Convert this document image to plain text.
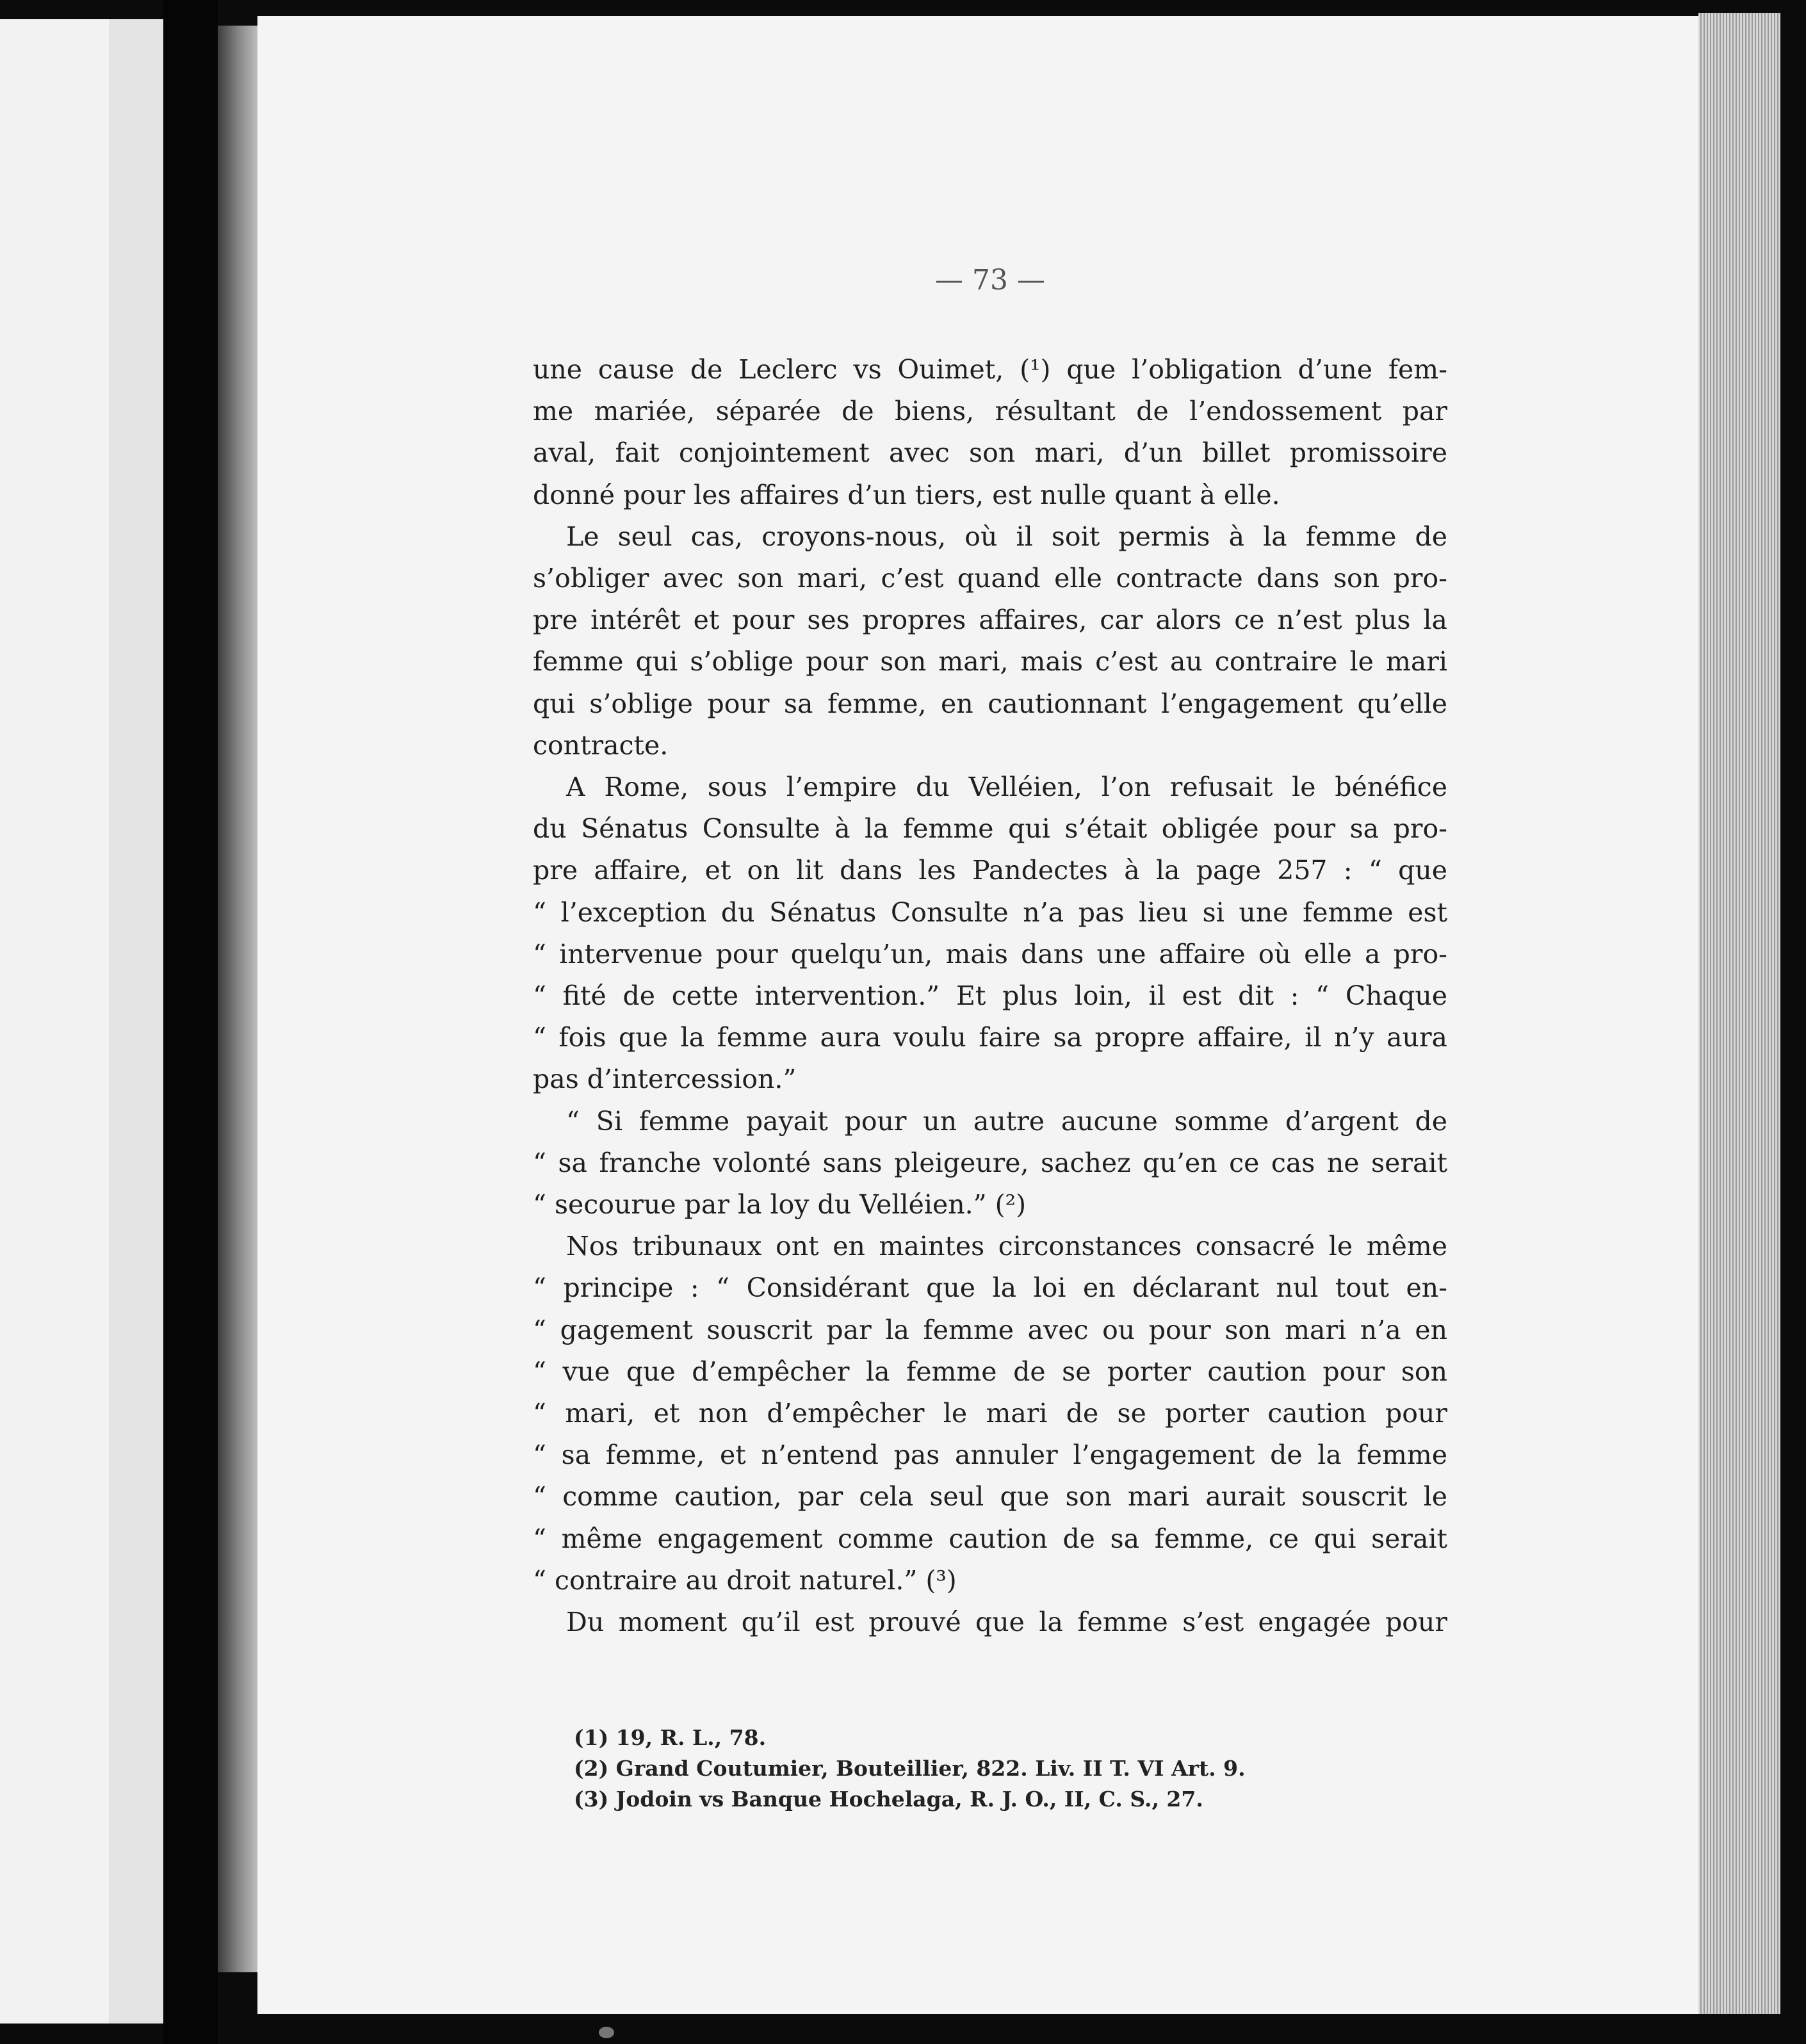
— 73 —
une cause de Leclerc vs Ouimet, (¹) que l’obligation d’une fem-
me mariée, séparée de biens, résultant de l’endossement par
aval, fait conjointement avec son mari, d’un billet promissoire
donné pour les affaires d’un tiers, est nulle quant à elle.
Le seul cas, croyons-nous, où il soit permis à la femme de
s’obliger avec son mari, c’est quand elle contracte dans son pro-
pre intérêt et pour ses propres affaires, car alors ce n’est plus la
femme qui s’oblige pour son mari, mais c’est au contraire le mari
qui s’oblige pour sa femme, en cautionnant l’engagement qu’elle
contracte.
A Rome, sous l’empire du Velléien, l’on refusait le bénéfice
du Sénatus Consulte à la femme qui s’était obligée pour sa pro-
pre affaire, et on lit dans les Pandectes à la page 257 : “ que
“ l’exception du Sénatus Consulte n’a pas lieu si une femme est
“ intervenue pour quelqu’un, mais dans une affaire où elle a pro-
“ fité de cette intervention.” Et plus loin, il est dit : “ Chaque
“ fois que la femme aura voulu faire sa propre affaire, il n’y aura
pas d’intercession.”
“ Si femme payait pour un autre aucune somme d’argent de
“ sa franche volonté sans pleigeure, sachez qu’en ce cas ne serait
“ secourue par la loy du Velléien.” (²)
Nos tribunaux ont en maintes circonstances consacré le même
“ principe : “ Considérant que la loi en déclarant nul tout en-
“ gagement souscrit par la femme avec ou pour son mari n’a en
“ vue que d’empêcher la femme de se porter caution pour son
“ mari, et non d’empêcher le mari de se porter caution pour
“ sa femme, et n’entend pas annuler l’engagement de la femme
“ comme caution, par cela seul que son mari aurait souscrit le
“ même engagement comme caution de sa femme, ce qui serait
“ contraire au droit naturel.” (³)
Du moment qu’il est prouvé que la femme s’est engagée pour
(1) 19, R. L., 78.
(2) Grand Coutumier, Bouteillier, 822. Liv. II T. VI Art. 9.
(3) Jodoin vs Banque Hochelaga, R. J. O., II, C. S., 27.
